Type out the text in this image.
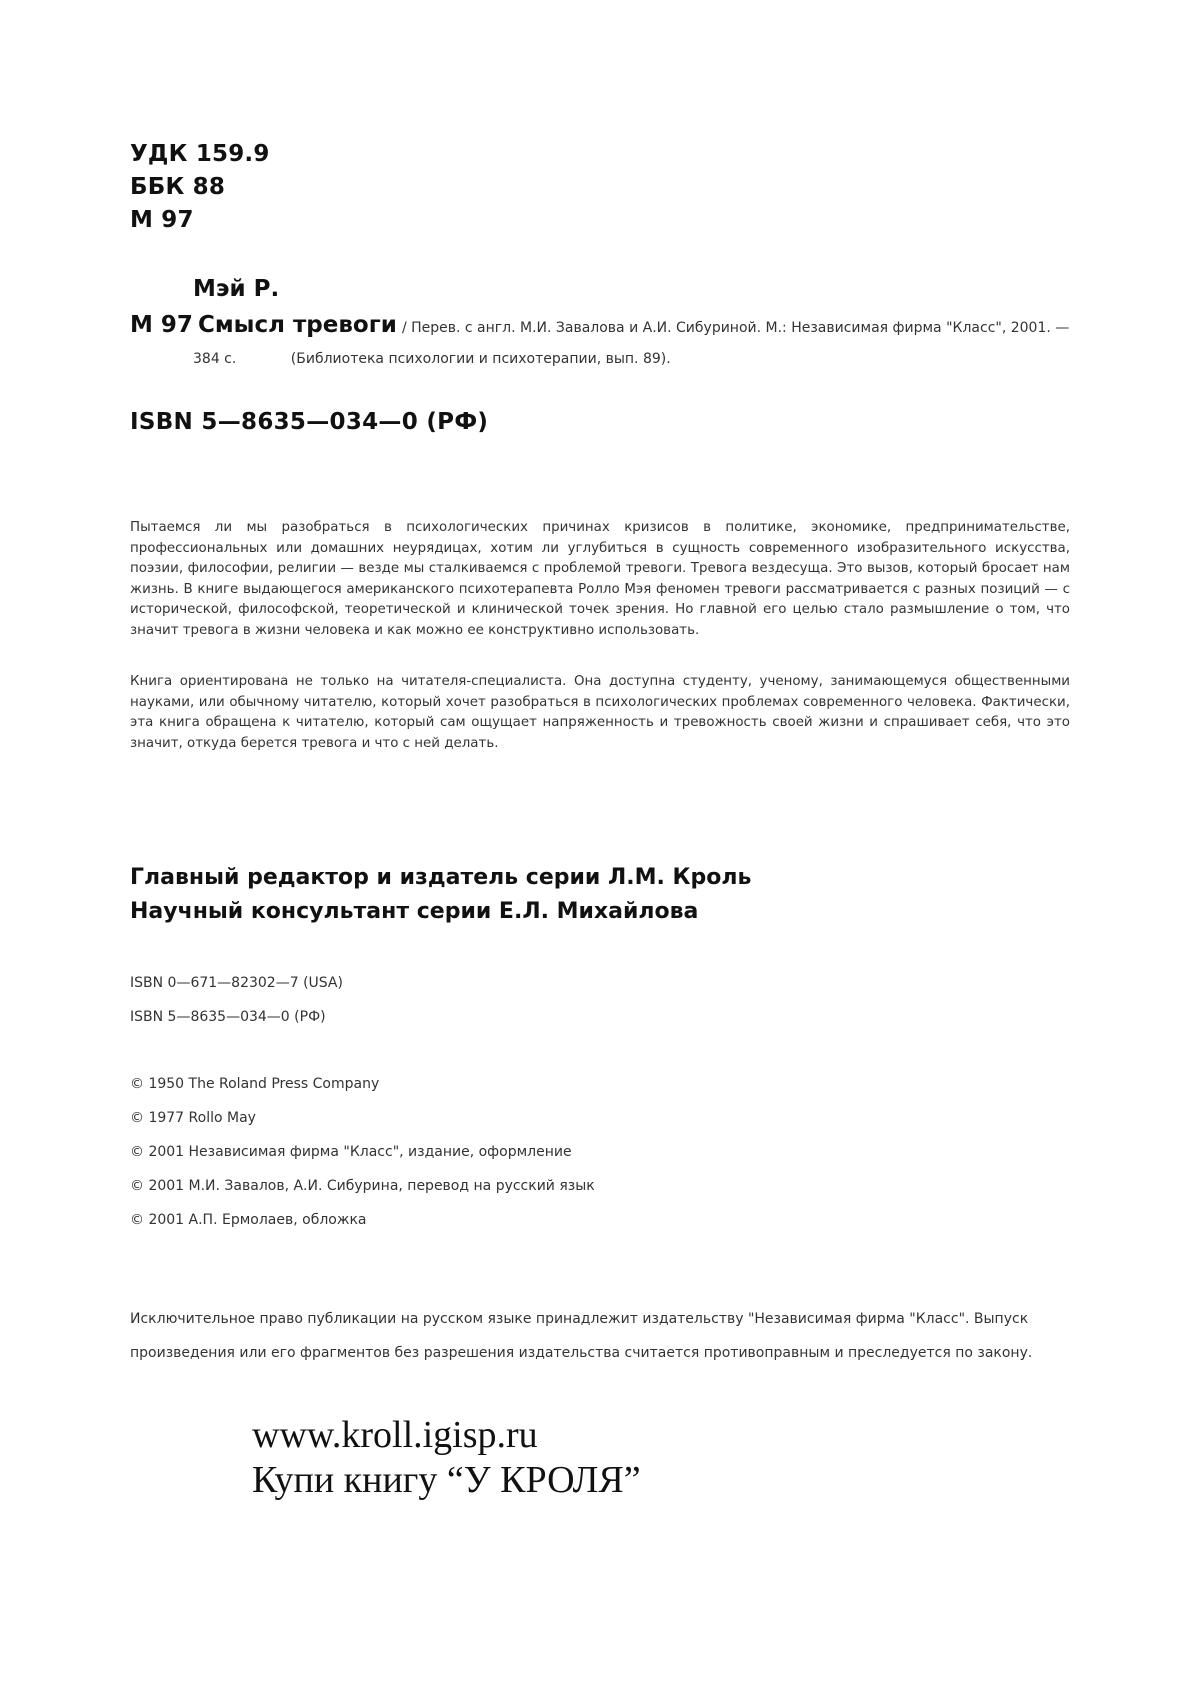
УДК 159.9
ББК 88
М 97
Мэй Р.
М 97 Смысл тревоги / Перев. с англ. М.И. Завалова и А.И. Сибуриной. М.: Независимая фирма "Класс", 2001. —
384 с.	(Библиотека психологии и психотерапии, вып. 89).
ISBN 5—8635—034—0 (РФ)

Пытаемся ли мы разобраться в психологических причинах кризисов в политике, экономике, предпринимательстве, профессиональных или домашних неурядицах, хотим ли углубиться в сущность современного изобразительного искусства, поэзии, философии, религии — везде мы сталкиваемся с проблемой тревоги. Тревога вездесуща. Это вызов, который бросает нам жизнь. В книге выдающегося американского психотерапевта Ролло Мэя феномен тревоги рассматривается с разных позиций — с исторической, философской, теоретической и клинической точек зрения. Но главной его целью стало размышление о том, что значит тревога в жизни человека и как можно ее конструктивно использовать.

Книга ориентирована не только на читателя-специалиста. Она доступна студенту, ученому, занимающемуся общественными науками, или обычному читателю, который хочет разобраться в психологических проблемах современного человека. Фактически, эта книга обращена к читателю, который сам ощущает напряженность и тревожность своей жизни и спрашивает себя, что это значит, откуда берется тревога и что с ней делать.

Главный редактор и издатель серии Л.М. Кроль
Научный консультант серии Е.Л. Михайлова
ISBN 0—671—82302—7 (USA)
ISBN 5—8635—034—0 (РФ)
© 1950 The Roland Press Company
© 1977 Rollo May
© 2001 Независимая фирма "Класс", издание, оформление
© 2001 М.И. Завалов, А.И. Сибурина, перевод на русский язык
© 2001 А.П. Ермолаев, обложка

Исключительное право публикации на русском языке принадлежит издательству "Независимая фирма "Класс". Выпуск произведения или его фрагментов без разрешения издательства считается противоправным и преследуется по закону.

www.kroll.igisp.ru
Купи книгу “У КРОЛЯ”
